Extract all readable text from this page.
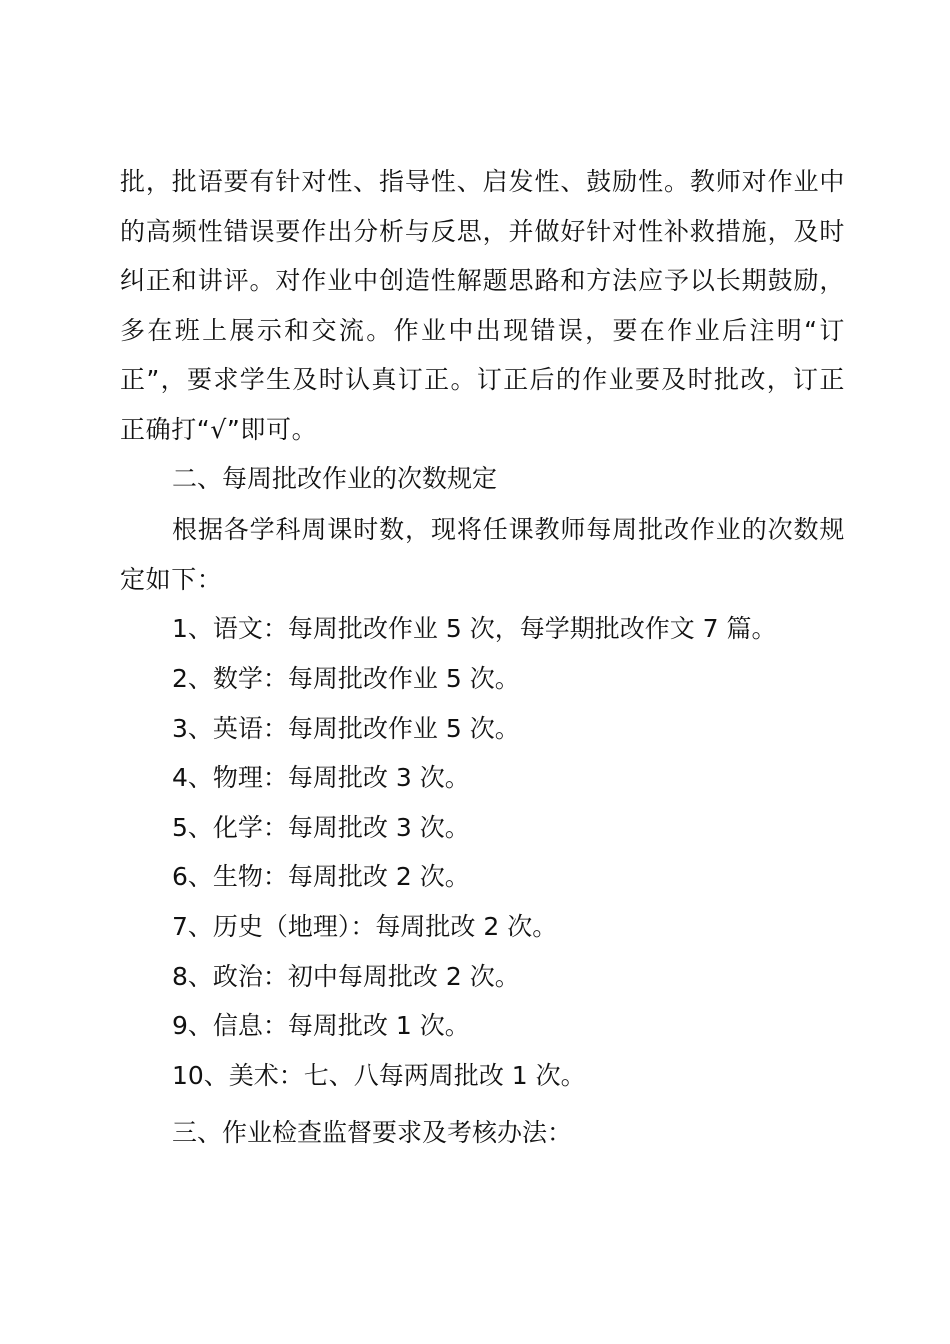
批，批语要有针对性、指导性、启发性、鼓励性。教师对作业中的高频性错误要作出分析与反思，并做好针对性补救措施，及时纠正和讲评。对作业中创造性解题思路和方法应予以长期鼓励，多在班上展示和交流。作业中出现错误，要在作业后注明“订正”，要求学生及时认真订正。订正后的作业要及时批改，订正正确打“√”即可。

二、每周批改作业的次数规定

根据各学科周课时数，现将任课教师每周批改作业的次数规定如下：

1、语文：每周批改作业 5 次，每学期批改作文 7 篇。

2、数学：每周批改作业 5 次。

3、英语：每周批改作业 5 次。

4、物理：每周批改 3 次。

5、化学：每周批改 3 次。

6、生物：每周批改 2 次。

7、历史（地理）：每周批改 2 次。

8、政治：初中每周批改 2 次。

9、信息：每周批改 1 次。

10、美术：七、八每两周批改 1 次。

三、作业检查监督要求及考核办法：
